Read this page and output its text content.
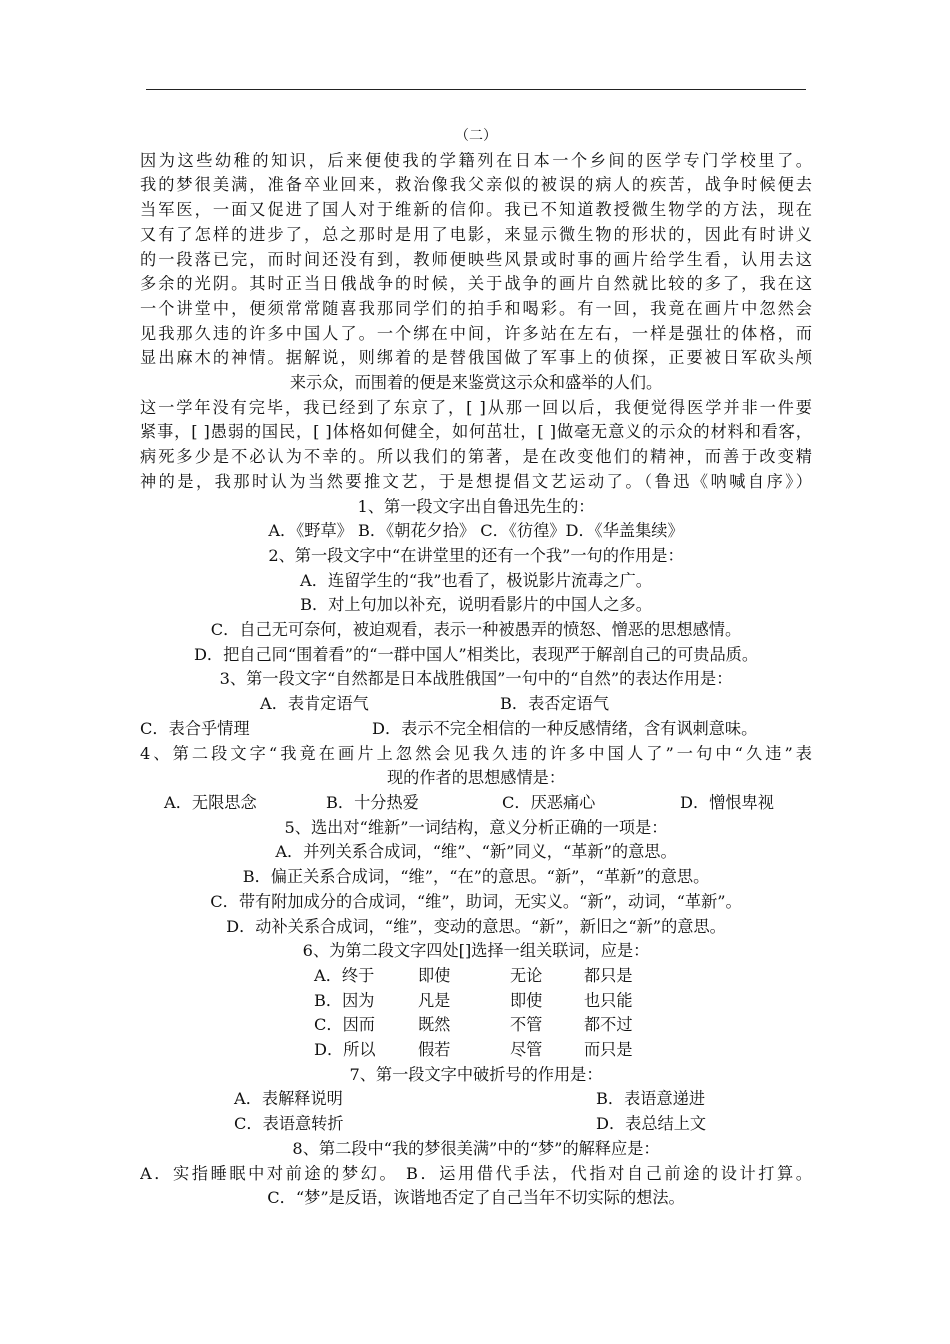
（二）
因为这些幼稚的知识，后来便使我的学籍列在日本一个乡间的医学专门学校里了。
我的梦很美满，准备卒业回来，救治像我父亲似的被误的病人的疾苦，战争时候便去
当军医，一面又促进了国人对于维新的信仰。我已不知道教授微生物学的方法，现在
又有了怎样的进步了，总之那时是用了电影，来显示微生物的形状的，因此有时讲义
的一段落已完，而时间还没有到，教师便映些风景或时事的画片给学生看，认用去这
多余的光阴。其时正当日俄战争的时候，关于战争的画片自然就比较的多了，我在这
一个讲堂中，便须常常随喜我那同学们的拍手和喝彩。有一回，我竟在画片中忽然会
见我那久违的许多中国人了。一个绑在中间，许多站在左右，一样是强壮的体格，而
显出麻木的神情。据解说，则绑着的是替俄国做了军事上的侦探，正要被日军砍头颅
来示众，而围着的便是来鉴赏这示众和盛举的人们。
这一学年没有完毕，我已经到了东京了，[ ]从那一回以后，我便觉得医学并非一件要
紧事，[ ]愚弱的国民，[ ]体格如何健全，如何茁壮，[ ]做毫无意义的示众的材料和看客，
病死多少是不必认为不幸的。所以我们的第著，是在改变他们的精神，而善于改变精
神的是，我那时认为当然要推文艺，于是想提倡文艺运动了。（鲁迅《呐喊自序》）
1、第一段文字出自鲁迅先生的：
A．《野草》 B．《朝花夕拾》 C．《彷徨》D．《华盖集续》
2、第一段文字中“在讲堂里的还有一个我”一句的作用是：
A．连留学生的“我”也看了，极说影片流毒之广。
B．对上句加以补充，说明看影片的中国人之多。
C．自己无可奈何，被迫观看，表示一种被愚弄的愤怒、憎恶的思想感情。
D．把自己同“围着看”的“一群中国人”相类比，表现严于解剖自己的可贵品质。
3、第一段文字“自然都是日本战胜俄国”一句中的“自然”的表达作用是：
A．表肯定语气	B．表否定语气
C．表合乎情理	D．表示不完全相信的一种反感情绪，含有讽刺意味。
4、第二段文字“我竟在画片上忽然会见我久违的许多中国人了”一句中“久违”表
现的作者的思想感情是：
A．无限思念	B．十分热爱	C．厌恶痛心	D．憎恨卑视
5、选出对“维新”一词结构，意义分析正确的一项是：
A．并列关系合成词，“维”、“新”同义，“革新”的意思。
B．偏正关系合成词，“维”，“在”的意思。“新”，“革新”的意思。
C．带有附加成分的合成词，“维”，助词，无实义。“新”，动词，“革新”。
D．动补关系合成词，“维”，变动的意思。“新”，新旧之“新”的意思。
6、为第二段文字四处[]选择一组关联词，应是：
A．终于	即使	无论	都只是
B．因为	凡是	即使	也只能
C．因而	既然	不管	都不过
D．所以	假若	尽管	而只是
7、第一段文字中破折号的作用是：
A．表解释说明	B．表语意递进
C．表语意转折	D．表总结上文
8、第二段中“我的梦很美满”中的“梦”的解释应是：
A．实指睡眠中对前途的梦幻。 B．运用借代手法，代指对自己前途的设计打算。
C．“梦”是反语，诙谐地否定了自己当年不切实际的想法。
